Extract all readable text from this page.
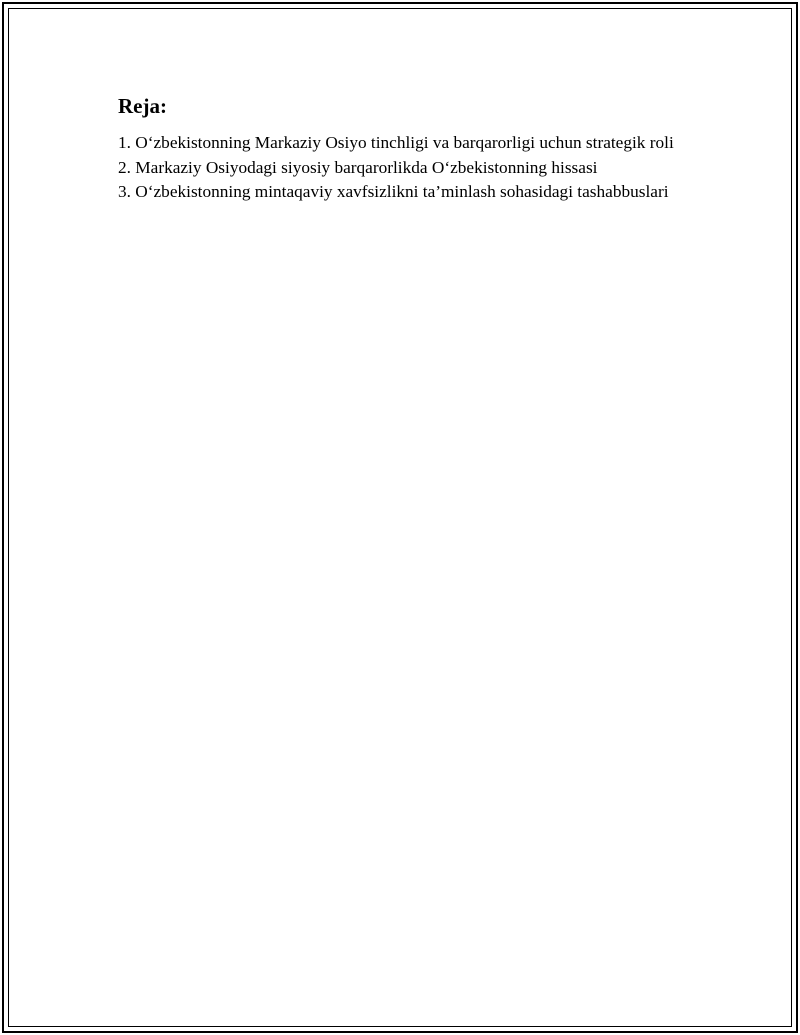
Reja:
1. O‘zbekistonning Markaziy Osiyo tinchligi va barqarorligi uchun strategik roli
2. Markaziy Osiyodagi siyosiy barqarorlikda O‘zbekistonning hissasi
3. O‘zbekistonning mintaqaviy xavfsizlikni ta’minlash sohasidagi tashabbuslari
